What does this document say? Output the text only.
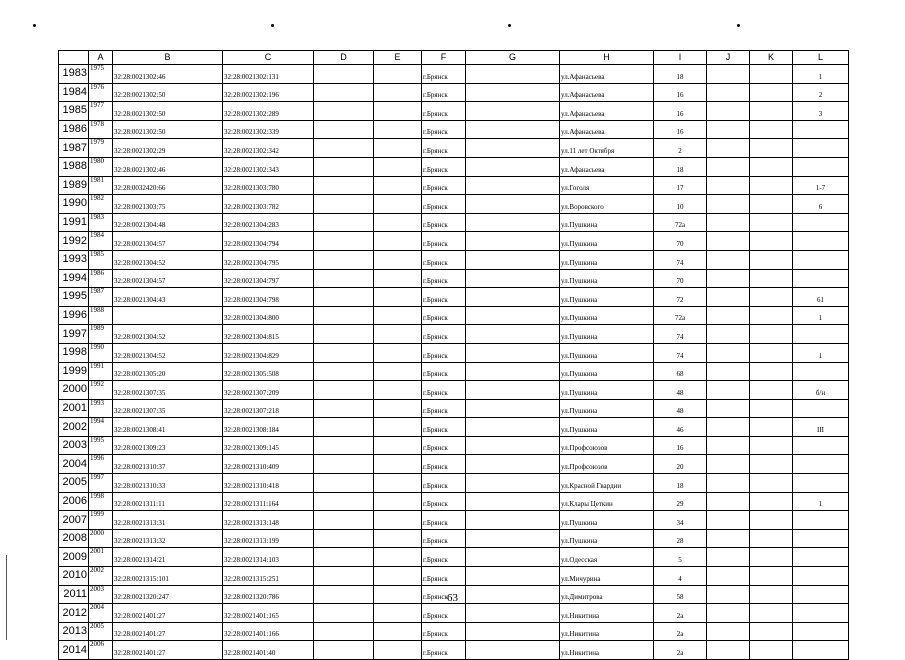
	A	B	C	D	E	F	G	H	I	J	K	L
1983	1975	32:28:0021302:46	32:28:0021302:131			г.Брянск		ул.Афанасьева	18			1
1984	1976	32:28:0021302:50	32:28:0021302:196			г.Брянск		ул.Афанасьева	16			2
1985	1977	32:28:0021302:50	32:28:0021302:289			г.Брянск		ул.Афанасьева	16			3
1986	1978	32:28:0021302:50	32:28:0021302:339			г.Брянск		ул.Афанасьева	16			
1987	1979	32:28:0021302:29	32:28:0021302:342			г.Брянск		ул.11 лет Октября	2			
1988	1980	32:28:0021302:46	32:28:0021302:343			г.Брянск		ул.Афанасьева	18			
1989	1981	32:28:0032420:66	32:28:0021303:780			г.Брянск		ул.Гоголя	17			1-7
1990	1982	32:28:0021303:75	32:28:0021303:782			г.Брянск		ул.Воровского	10			6
1991	1983	32:28:0021304:48	32:28:0021304:283			г.Брянск		ул.Пушкина	72а			
1992	1984	32:28:0021304:57	32:28:0021304:794			г.Брянск		ул.Пушкина	70			
1993	1985	32:28:0021304:52	32:28:0021304:795			г.Брянск		ул.Пушкина	74			
1994	1986	32:28:0021304:57	32:28:0021304:797			г.Брянск		ул.Пушкина	70			
1995	1987	32:28:0021304:43	32:28:0021304:798			г.Брянск		ул.Пушкина	72			61
1996	1988		32:28:0021304:800			г.Брянск		ул.Пушкина	72а			1
1997	1989	32:28:0021304:52	32:28:0021304:815			г.Брянск		ул.Пушкина	74			
1998	1990	32:28:0021304:52	32:28:0021304:829			г.Брянск		ул.Пушкина	74			1
1999	1991	32:28:0021305:20	32:28:0021305:508			г.Брянск		ул.Пушкина	68			
2000	1992	32:28:0021307:35	32:28:0021307:209			г.Брянск		ул.Пушкина	48			б/н
2001	1993	32:28:0021307:35	32:28:0021307:218			г.Брянск		ул.Пушкина	48			
2002	1994	32:28:0021308:41	32:28:0021308:184			г.Брянск		ул.Пушкина	46			III
2003	1995	32:28:0021309:23	32:28:0021309:145			г.Брянск		ул.Профсоюзов	16			
2004	1996	32:28:0021310:37	32:28:0021310:409			г.Брянск		ул.Профсоюзов	20			
2005	1997	32:28:0021310:33	32:28:0021310:418			г.Брянск		ул.Красной Гвардии	18			
2006	1998	32:28:0021311:11	32:28:0021311:164			г.Брянск		ул.Клары Цеткин	29			1
2007	1999	32:28:0021313:31	32:28:0021313:148			г.Брянск		ул.Пушкина	34			
2008	2000	32:28:0021313:32	32:28:0021313:199			г.Брянск		ул.Пушкина	28			
2009	2001	32:28:0021314:21	32:28:0021314:103			г.Брянск		ул.Одесская	5			
2010	2002	32:28:0021315:101	32:28:0021315:251			г.Брянск		ул.Мичурина	4			
2011	2003	32:28:0021320:247	32:28:0021320:786			г.Брянск		ул.Димитрова	58			
2012	2004	32:28:0021401:27	32:28:0021401:165			г.Брянск		ул.Никитина	2а			
2013	2005	32:28:0021401:27	32:28:0021401:166			г.Брянск		ул.Никитина	2а			
2014	2006	32:28:0021401:27	32:28:0021401:40			г.Брянск		ул.Никитина	2а			
63
